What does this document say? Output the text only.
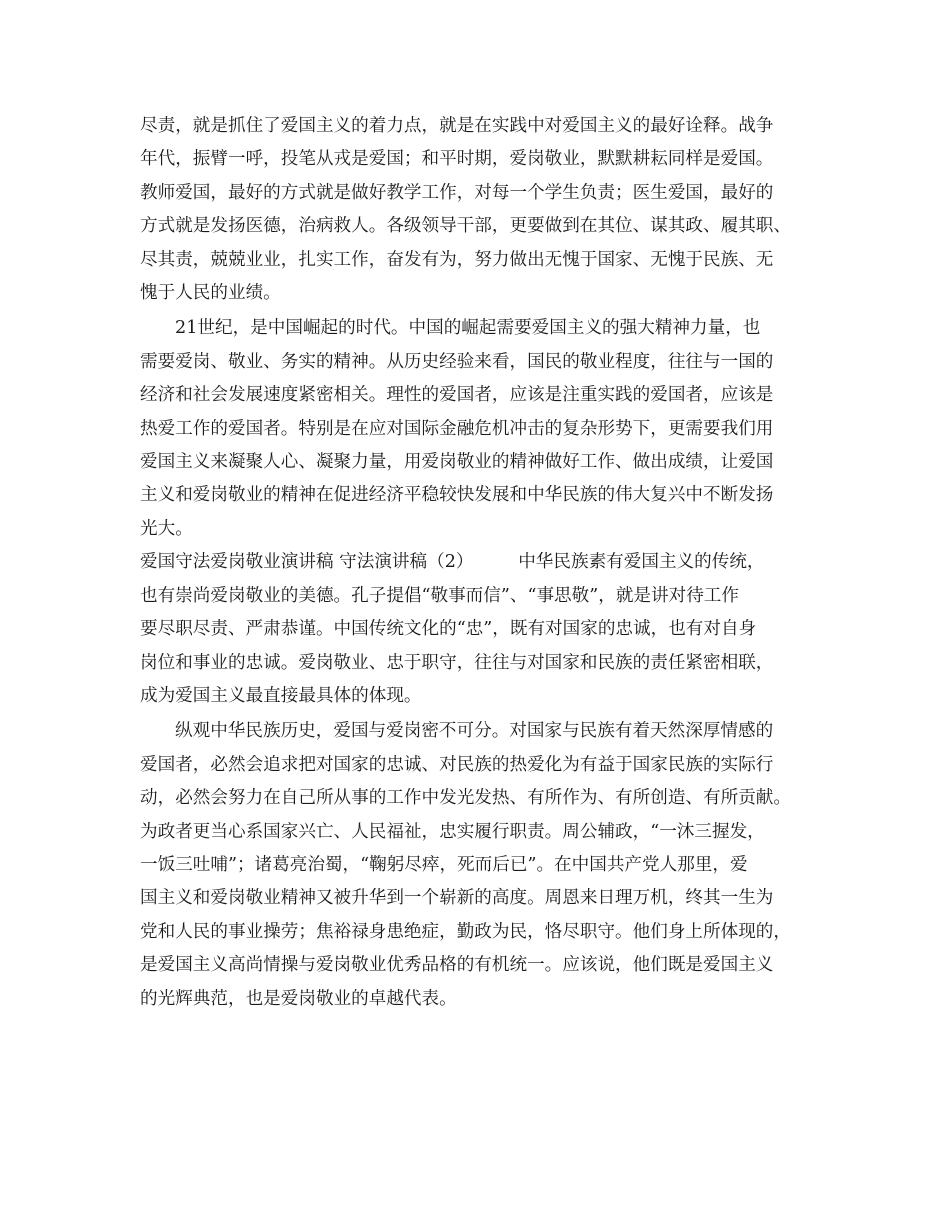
尽责，就是抓住了爱国主义的着力点，就是在实践中对爱国主义的最好诠释。战争
年代，振臂一呼，投笔从戎是爱国；和平时期，爱岗敬业，默默耕耘同样是爱国。
教师爱国，最好的方式就是做好教学工作，对每一个学生负责；医生爱国，最好的
方式就是发扬医德，治病救人。各级领导干部，更要做到在其位、谋其政、履其职、
尽其责，兢兢业业，扎实工作，奋发有为，努力做出无愧于国家、无愧于民族、无
愧于人民的业绩。

21世纪，是中国崛起的时代。中国的崛起需要爱国主义的强大精神力量，也
需要爱岗、敬业、务实的精神。从历史经验来看，国民的敬业程度，往往与一国的
经济和社会发展速度紧密相关。理性的爱国者，应该是注重实践的爱国者，应该是
热爱工作的爱国者。特别是在应对国际金融危机冲击的复杂形势下，更需要我们用
爱国主义来凝聚人心、凝聚力量，用爱岗敬业的精神做好工作、做出成绩，让爱国
主义和爱岗敬业的精神在促进经济平稳较快发展和中华民族的伟大复兴中不断发扬
光大。

爱国守法爱岗敬业演讲稿 守法演讲稿（2）        中华民族素有爱国主义的传统，
也有崇尚爱岗敬业的美德。孔子提倡“敬事而信”、“事思敬”，就是讲对待工作
要尽职尽责、严肃恭谨。中国传统文化的“忠”，既有对国家的忠诚，也有对自身
岗位和事业的忠诚。爱岗敬业、忠于职守，往往与对国家和民族的责任紧密相联，
成为爱国主义最直接最具体的体现。

纵观中华民族历史，爱国与爱岗密不可分。对国家与民族有着天然深厚情感的
爱国者，必然会追求把对国家的忠诚、对民族的热爱化为有益于国家民族的实际行
动，必然会努力在自己所从事的工作中发光发热、有所作为、有所创造、有所贡献。
为政者更当心系国家兴亡、人民福祉，忠实履行职责。周公辅政，“一沐三握发，
一饭三吐哺”；诸葛亮治蜀，“鞠躬尽瘁，死而后已”。在中国共产党人那里，爱
国主义和爱岗敬业精神又被升华到一个崭新的高度。周恩来日理万机，终其一生为
党和人民的事业操劳；焦裕禄身患绝症，勤政为民，恪尽职守。他们身上所体现的，
是爱国主义高尚情操与爱岗敬业优秀品格的有机统一。应该说，他们既是爱国主义
的光辉典范，也是爱岗敬业的卓越代表。
